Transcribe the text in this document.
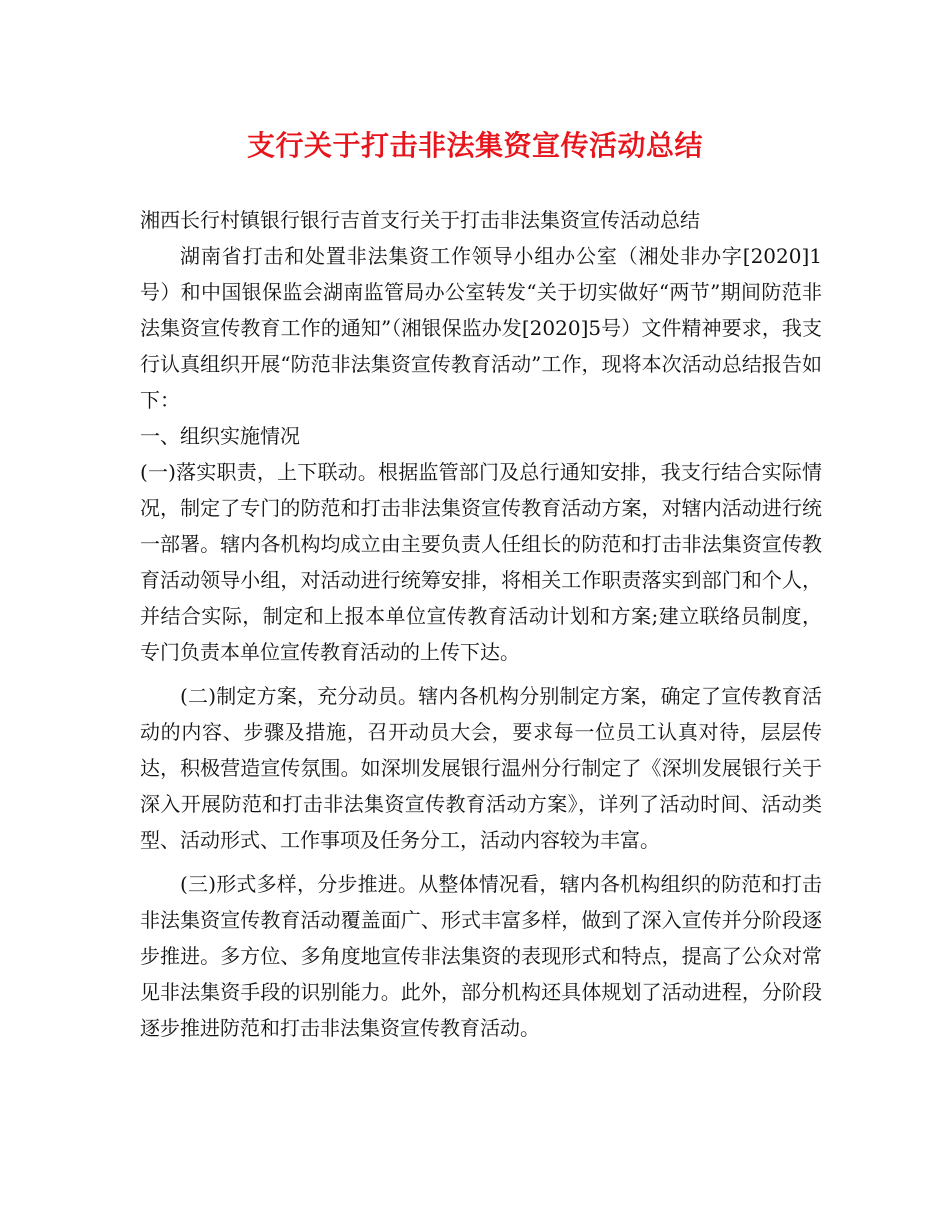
支行关于打击非法集资宣传活动总结

湘西长行村镇银行银行吉首支行关于打击非法集资宣传活动总结

湖南省打击和处置非法集资工作领导小组办公室（湘处非办字[2020]1号）和中国银保监会湖南监管局办公室转发“关于切实做好“两节”期间防范非法集资宣传教育工作的通知”（湘银保监办发[2020]5号）文件精神要求，我支行认真组织开展“防范非法集资宣传教育活动”工作，现将本次活动总结报告如下：

一、组织实施情况

(一)落实职责，上下联动。根据监管部门及总行通知安排，我支行结合实际情况，制定了专门的防范和打击非法集资宣传教育活动方案，对辖内活动进行统一部署。辖内各机构均成立由主要负责人任组长的防范和打击非法集资宣传教育活动领导小组，对活动进行统筹安排，将相关工作职责落实到部门和个人，并结合实际，制定和上报本单位宣传教育活动计划和方案;建立联络员制度，专门负责本单位宣传教育活动的上传下达。

(二)制定方案，充分动员。辖内各机构分别制定方案，确定了宣传教育活动的内容、步骤及措施，召开动员大会，要求每一位员工认真对待，层层传达，积极营造宣传氛围。如深圳发展银行温州分行制定了《深圳发展银行关于深入开展防范和打击非法集资宣传教育活动方案》，详列了活动时间、活动类型、活动形式、工作事项及任务分工，活动内容较为丰富。

(三)形式多样，分步推进。从整体情况看，辖内各机构组织的防范和打击非法集资宣传教育活动覆盖面广、形式丰富多样，做到了深入宣传并分阶段逐步推进。多方位、多角度地宣传非法集资的表现形式和特点，提高了公众对常见非法集资手段的识别能力。此外，部分机构还具体规划了活动进程，分阶段逐步推进防范和打击非法集资宣传教育活动。
